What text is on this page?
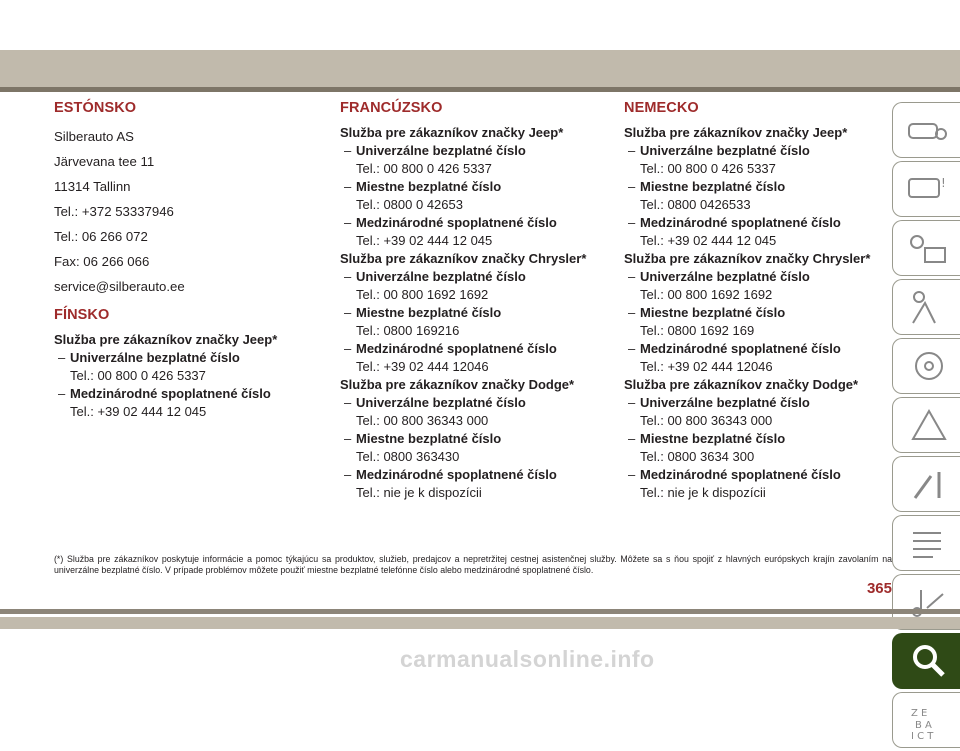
ESTÓNSKO
Silberauto AS
Järvevana tee 11
11314 Tallinn
Tel.: +372 53337946
Tel.: 06 266 072
Fax: 06 266 066
service@silberauto.ee
FÍNSKO
Služba pre zákazníkov značky Jeep*
– Univerzálne bezplatné číslo
Tel.: 00 800 0 426 5337
– Medzinárodné spoplatnené číslo
Tel.: +39 02 444 12 045
FRANCÚZSKO
Služba pre zákazníkov značky Jeep*
– Univerzálne bezplatné číslo
Tel.: 00 800 0 426 5337
– Miestne bezplatné číslo
Tel.: 0800 0 42653
– Medzinárodné spoplatnené číslo
Tel.: +39 02 444 12 045
Služba pre zákazníkov značky Chrysler*
– Univerzálne bezplatné číslo
Tel.: 00 800 1692 1692
– Miestne bezplatné číslo
Tel.: 0800 169216
– Medzinárodné spoplatnené číslo
Tel.: +39 02 444 12046
Služba pre zákazníkov značky Dodge*
– Univerzálne bezplatné číslo
Tel.: 00 800 36343 000
– Miestne bezplatné číslo
Tel.: 0800 363430
– Medzinárodné spoplatnené číslo
Tel.: nie je k dispozícii
NEMECKO
Služba pre zákazníkov značky Jeep*
– Univerzálne bezplatné číslo
Tel.: 00 800 0 426 5337
– Miestne bezplatné číslo
Tel.: 0800 0426533
– Medzinárodné spoplatnené číslo
Tel.: +39 02 444 12 045
Služba pre zákazníkov značky Chrysler*
– Univerzálne bezplatné číslo
Tel.: 00 800 1692 1692
– Miestne bezplatné číslo
Tel.: 0800 1692 169
– Medzinárodné spoplatnené číslo
Tel.: +39 02 444 12046
Služba pre zákazníkov značky Dodge*
– Univerzálne bezplatné číslo
Tel.: 00 800 36343 000
– Miestne bezplatné číslo
Tel.: 0800 3634 300
– Medzinárodné spoplatnené číslo
Tel.: nie je k dispozícii
!
Z E
B A
I C T
(*) Služba pre zákazníkov poskytuje informácie a pomoc týkajúcu sa produktov, služieb, predajcov a nepretržitej cestnej asistenčnej služby. Môžete sa s ňou spojiť z hlavných európskych krajín zavolaním na univerzálne bezplatné číslo. V prípade problémov môžete použiť miestne bezplatné telefónne číslo alebo medzinárodné spoplatnené číslo.
365
carmanualsonline.info
